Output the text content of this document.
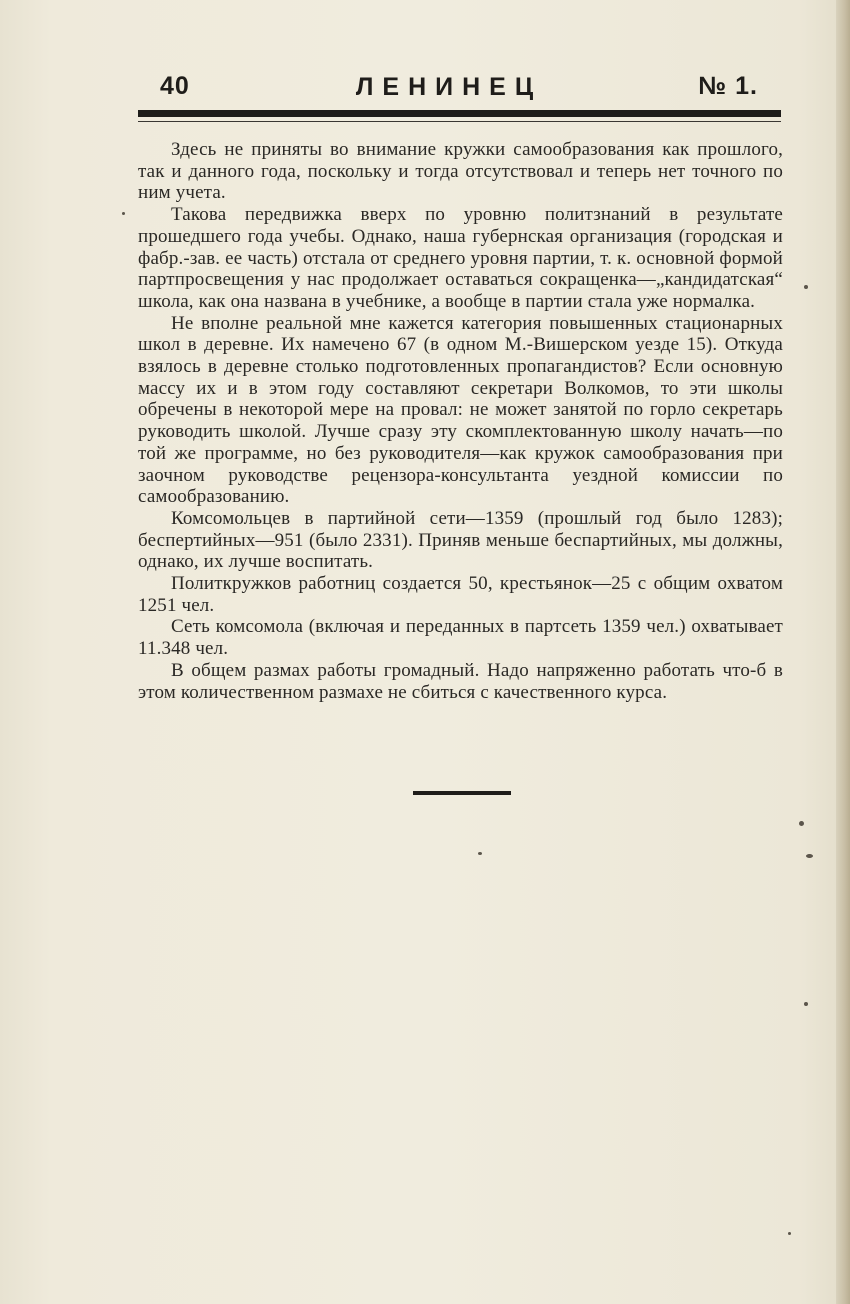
40	ЛЕНИНЕЦ	№ 1.

Здесь не приняты во внимание кружки самообразования как прошлого, так и данного года, поскольку и тогда отсутствовал и теперь нет точного по ним учета.

Такова передвижка вверх по уровню политзнаний в результате прошедшего года учебы. Однако, наша губернская организация (городская и фабр.-зав. ее часть) отстала от среднего уровня партии, т. к. основной формой партпросвещения у нас продолжает оставаться сокращенка—„кандидатская“ школа, как она названа в учебнике, а вообще в партии стала уже нормалка.

Не вполне реальной мне кажется категория повышенных стационарных школ в деревне. Их намечено 67 (в одном М.-Вишерском уезде 15). Откуда взялось в деревне столько подготовленных пропагандистов? Если основную массу их и в этом году составляют секретари Волкомов, то эти школы обречены в некоторой мере на провал: не может занятой по горло секретарь руководить школой. Лучше сразу эту скомплектованную школу начать—по той же программе, но без руководителя—как кружок самообразования при заочном руководстве рецензора-консультанта уездной комиссии по самообразованию.

Комсомольцев в партийной сети—1359 (прошлый год было 1283); беспертийных—951 (было 2331). Приняв меньше беспартийных, мы должны, однако, их лучше воспитать.

Политкружков работниц создается 50, крестьянок—25 с общим охватом 1251 чел.

Сеть комсомола (включая и переданных в партсеть 1359 чел.) охватывает 11.348 чел.

В общем размах работы громадный. Надо напряженно работать что-б в этом количественном размахе не сбиться с качественного курса.
